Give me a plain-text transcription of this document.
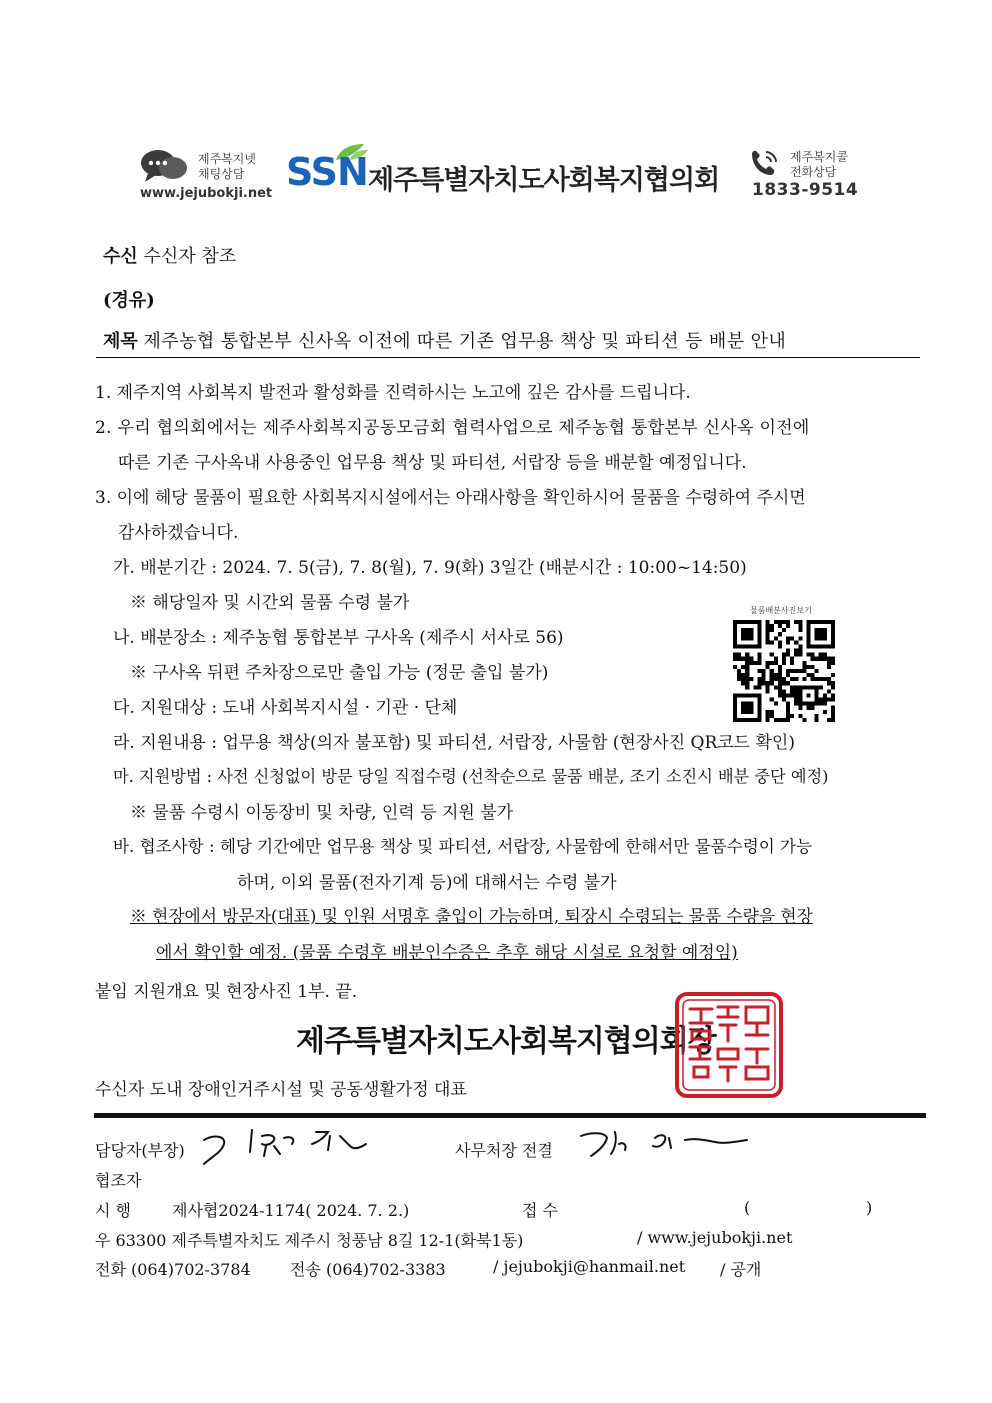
제주복지넷
채팅상담
www.jejubokji.net SSN 제주특별자치도사회복지협의회
제주복지콜
전화상담
1833-9514
수신 수신자 참조
(경유)
제목 제주농협 통합본부 신사옥 이전에 따른 기존 업무용 책상 및 파티션 등 배분 안내
1. 제주지역 사회복지 발전과 활성화를 진력하시는 노고에 깊은 감사를 드립니다.
2. 우리 협의회에서는 제주사회복지공동모금회 협력사업으로 제주농협 통합본부 신사옥 이전에
따른 기존 구사옥내 사용중인 업무용 책상 및 파티션, 서랍장 등을 배분할 예정입니다.
3. 이에 헤당 물품이 필요한 사회복지시설에서는 아래사항을 확인하시어 물품을 수령하여 주시면
감사하겠습니다.
가. 배분기간 : 2024. 7. 5(금), 7. 8(월), 7. 9(화) 3일간 (배분시간 : 10:00~14:50)
※ 해당일자 및 시간외 물품 수령 불가
나. 배분장소 : 제주농협 통합본부 구사옥 (제주시 서사로 56)
※ 구사옥 뒤편 주차장으로만 출입 가능 (정문 출입 불가)
다. 지원대상 : 도내 사회복지시설 · 기관 · 단체
라. 지원내용 : 업무용 책상(의자 불포함) 및 파티션, 서랍장, 사물함 (현장사진 QR코드 확인)
마. 지원방법 : 사전 신청없이 방문 당일 직접수령 (선착순으로 물품 배분, 조기 소진시 배분 중단 예정)
※ 물품 수령시 이동장비 및 차량, 인력 등 지원 불가
바. 협조사항 : 헤당 기간에만 업무용 책상 및 파티션, 서랍장, 사물함에 한해서만 물품수령이 가능
하며, 이외 물품(전자기계 등)에 대해서는 수령 불가
※ 현장에서 방문자(대표) 및 인원 서명후 출입이 가능하며, 퇴장시 수령되는 물품 수량을 현장
에서 확인할 예정. (물품 수령후 배분인수증은 추후 해당 시설로 요청할 예정임)
붙임 지원개요 및 현장사진 1부. 끝.
물품배분사진보기
제주특별자치도사회복지협의회장
수신자 도내 장애인거주시설 및 공동생활가정 대표
담당자(부장)	사무처장 전결
협조자
시 행	제사협2024-1174( 2024. 7. 2.)	접 수	(	)
우 63300 제주특별자치도 제주시 청풍남 8길 12-1(화북1동)	/ www.jejubokji.net
전화 (064)702-3784 전송 (064)702-3383	/ jejubokji@hanmail.net / 공개
